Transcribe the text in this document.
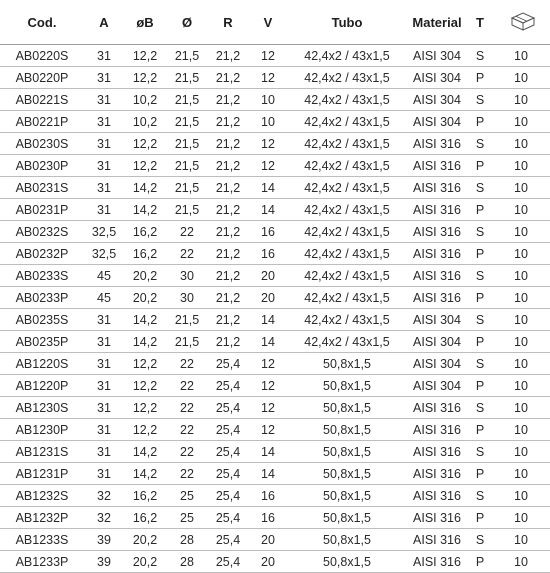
Cod.	A	øB	Ø	R	V	Tubo	Material	T	
AB0220S	31	12,2	21,5	21,2	12	42,4x2 / 43x1,5	AISI 304	S	10
AB0220P	31	12,2	21,5	21,2	12	42,4x2 / 43x1,5	AISI 304	P	10
AB0221S	31	10,2	21,5	21,2	10	42,4x2 / 43x1,5	AISI 304	S	10
AB0221P	31	10,2	21,5	21,2	10	42,4x2 / 43x1,5	AISI 304	P	10
AB0230S	31	12,2	21,5	21,2	12	42,4x2 / 43x1,5	AISI 316	S	10
AB0230P	31	12,2	21,5	21,2	12	42,4x2 / 43x1,5	AISI 316	P	10
AB0231S	31	14,2	21,5	21,2	14	42,4x2 / 43x1,5	AISI 316	S	10
AB0231P	31	14,2	21,5	21,2	14	42,4x2 / 43x1,5	AISI 316	P	10
AB0232S	32,5	16,2	22	21,2	16	42,4x2 / 43x1,5	AISI 316	S	10
AB0232P	32,5	16,2	22	21,2	16	42,4x2 / 43x1,5	AISI 316	P	10
AB0233S	45	20,2	30	21,2	20	42,4x2 / 43x1,5	AISI 316	S	10
AB0233P	45	20,2	30	21,2	20	42,4x2 / 43x1,5	AISI 316	P	10
AB0235S	31	14,2	21,5	21,2	14	42,4x2 / 43x1,5	AISI 304	S	10
AB0235P	31	14,2	21,5	21,2	14	42,4x2 / 43x1,5	AISI 304	P	10
AB1220S	31	12,2	22	25,4	12	50,8x1,5	AISI 304	S	10
AB1220P	31	12,2	22	25,4	12	50,8x1,5	AISI 304	P	10
AB1230S	31	12,2	22	25,4	12	50,8x1,5	AISI 316	S	10
AB1230P	31	12,2	22	25,4	12	50,8x1,5	AISI 316	P	10
AB1231S	31	14,2	22	25,4	14	50,8x1,5	AISI 316	S	10
AB1231P	31	14,2	22	25,4	14	50,8x1,5	AISI 316	P	10
AB1232S	32	16,2	25	25,4	16	50,8x1,5	AISI 316	S	10
AB1232P	32	16,2	25	25,4	16	50,8x1,5	AISI 316	P	10
AB1233S	39	20,2	28	25,4	20	50,8x1,5	AISI 316	S	10
AB1233P	39	20,2	28	25,4	20	50,8x1,5	AISI 316	P	10
